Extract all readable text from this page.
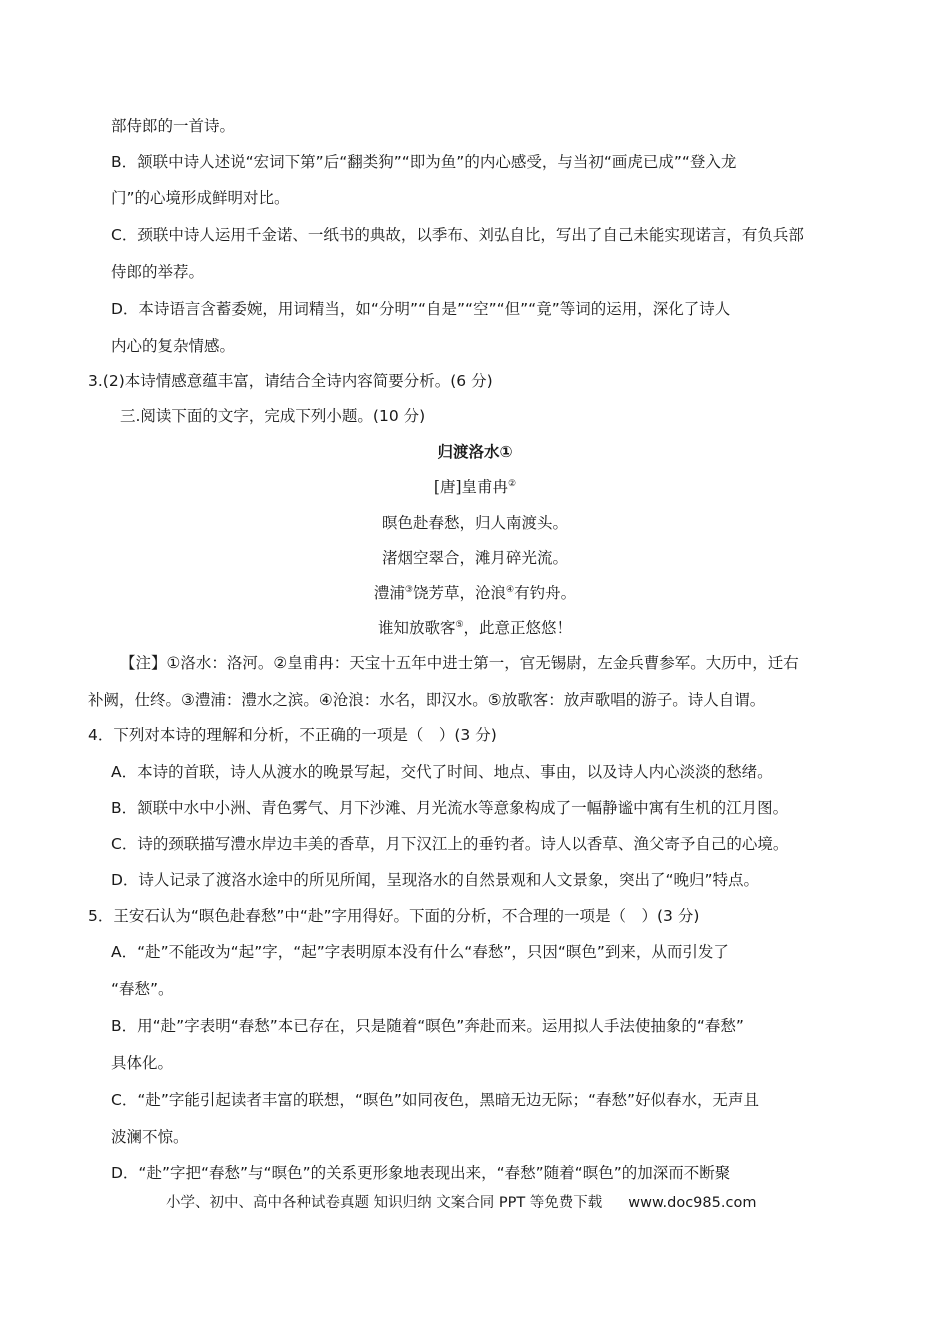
部侍郎的一首诗。
B．颔联中诗人述说“宏词下第”后“翻类狗”“即为鱼”的内心感受，与当初“画虎已成”“登入龙
门”的心境形成鲜明对比。
C．颈联中诗人运用千金诺、一纸书的典故，以季布、刘弘自比，写出了自己未能实现诺言，有负兵部
侍郎的举荐。
D．本诗语言含蓄委婉，用词精当，如“分明”“自是”“空”“但”“竟”等词的运用，深化了诗人
内心的复杂情感。
3.(2)本诗情感意蕴丰富，请结合全诗内容简要分析。(6 分)
三.阅读下面的文字，完成下列小题。(10 分)
归渡洛水①
[唐]皇甫冉②
暝色赴春愁，归人南渡头。
渚烟空翠合，滩月碎光流。
澧浦③饶芳草，沧浪④有钓舟。
谁知放歌客⑤，此意正悠悠！
【注】①洛水：洛河。②皇甫冉：天宝十五年中进士第一，官无锡尉，左金兵曹参军。大历中，迁右
补阙，仕终。③澧浦：澧水之滨。④沧浪：水名，即汉水。⑤放歌客：放声歌唱的游子。诗人自谓。
4．下列对本诗的理解和分析，不正确的一项是（　）(3 分)
A．本诗的首联，诗人从渡水的晚景写起，交代了时间、地点、事由，以及诗人内心淡淡的愁绪。
B．颔联中水中小洲、青色雾气、月下沙滩、月光流水等意象构成了一幅静谧中寓有生机的江月图。
C．诗的颈联描写澧水岸边丰美的香草，月下汉江上的垂钓者。诗人以香草、渔父寄予自己的心境。
D．诗人记录了渡洛水途中的所见所闻，呈现洛水的自然景观和人文景象，突出了“晚归”特点。
5．王安石认为“暝色赴春愁”中“赴”字用得好。下面的分析，不合理的一项是（　）(3 分)
A．“赴”不能改为“起”字，“起”字表明原本没有什么“春愁”，只因“暝色”到来，从而引发了
“春愁”。
B．用“赴”字表明“春愁”本已存在，只是随着“暝色”奔赴而来。运用拟人手法使抽象的“春愁”
具体化。
C．“赴”字能引起读者丰富的联想，“暝色”如同夜色，黑暗无边无际；“春愁”好似春水，无声且
波澜不惊。
D．“赴”字把“春愁”与“暝色”的关系更形象地表现出来，“春愁”随着“暝色”的加深而不断聚
小学、初中、高中各种试卷真题 知识归纳 文案合同 PPT 等免费下载 www.doc985.com
